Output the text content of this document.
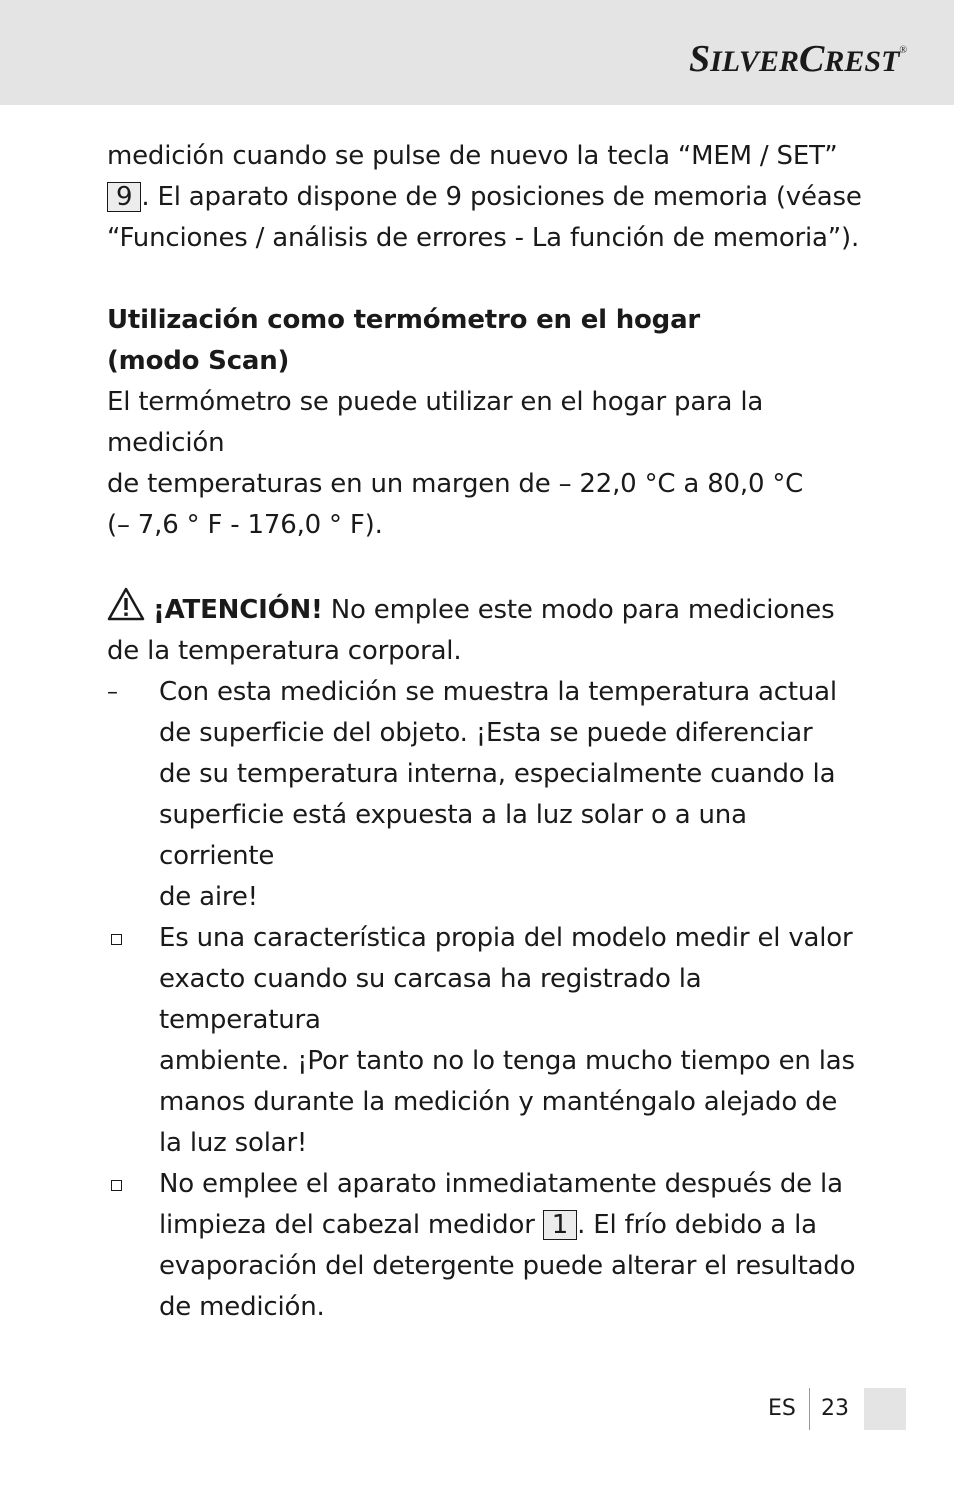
SILVERCREST®

medición cuando se pulse de nuevo la tecla “MEM / SET”
9 . El aparato dispone de 9 posiciones de memoria (véase
“Funciones / análisis de errores - La función de memoria”).

Utilización como termómetro en el hogar
(modo Scan)

El termómetro se puede utilizar en el hogar para la medición
de temperaturas en un margen de – 22,0 °C a 80,0 °C
(– 7,6 ° F - 176,0 ° F).

¡ATENCIÓN! No emplee este modo para mediciones
de la temperatura corporal.

–	Con esta medición se muestra la temperatura actual
de superficie del objeto. ¡Esta se puede diferenciar
de su temperatura interna, especialmente cuando la
superficie está expuesta a la luz solar o a una corriente
de aire!
Es una característica propia del modelo medir el valor
exacto cuando su carcasa ha registrado la temperatura
ambiente. ¡Por tanto no lo tenga mucho tiempo en las
manos durante la medición y manténgalo alejado de
la luz solar!
No emplee el aparato inmediatamente después de la
limpieza del cabezal medidor 1 . El frío debido a la
evaporación del detergente puede alterar el resultado
de medición.
ES 23
